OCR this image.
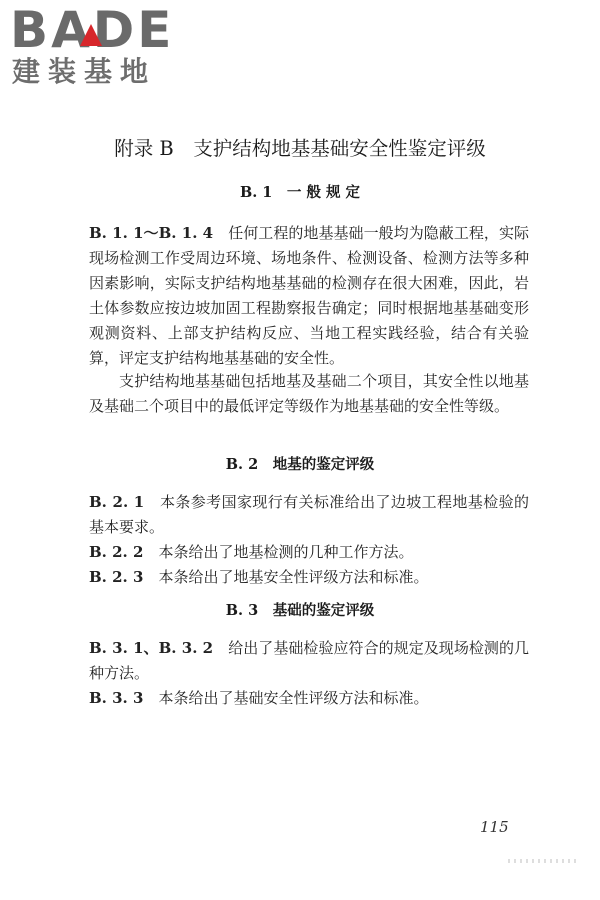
BADE
建装基地
附录 B　支护结构地基基础安全性鉴定评级
B. 1　一 般 规 定
B. 1. 1～B. 1. 4　 任何工程的地基基础一般均为隐蔽工程，实际现场检测工作受周边环境、场地条件、检测设备、检测方法等多种因素影响，实际支护结构地基基础的检测存在很大困难，因此，岩土体参数应按边坡加固工程勘察报告确定；同时根据地基基础变形观测资料、上部支护结构反应、当地工程实践经验，结合有关验算，评定支护结构地基基础的安全性。
支护结构地基基础包括地基及基础二个项目，其安全性以地基及基础二个项目中的最低评定等级作为地基基础的安全性等级。
B. 2　地基的鉴定评级
B. 2. 1　 本条参考国家现行有关标准给出了边坡工程地基检验的基本要求。
B. 2. 2　 本条给出了地基检测的几种工作方法。
B. 2. 3　 本条给出了地基安全性评级方法和标准。
B. 3　基础的鉴定评级
B. 3. 1、B. 3. 2　 给出了基础检验应符合的规定及现场检测的几种方法。
B. 3. 3　 本条给出了基础安全性评级方法和标准。
115
